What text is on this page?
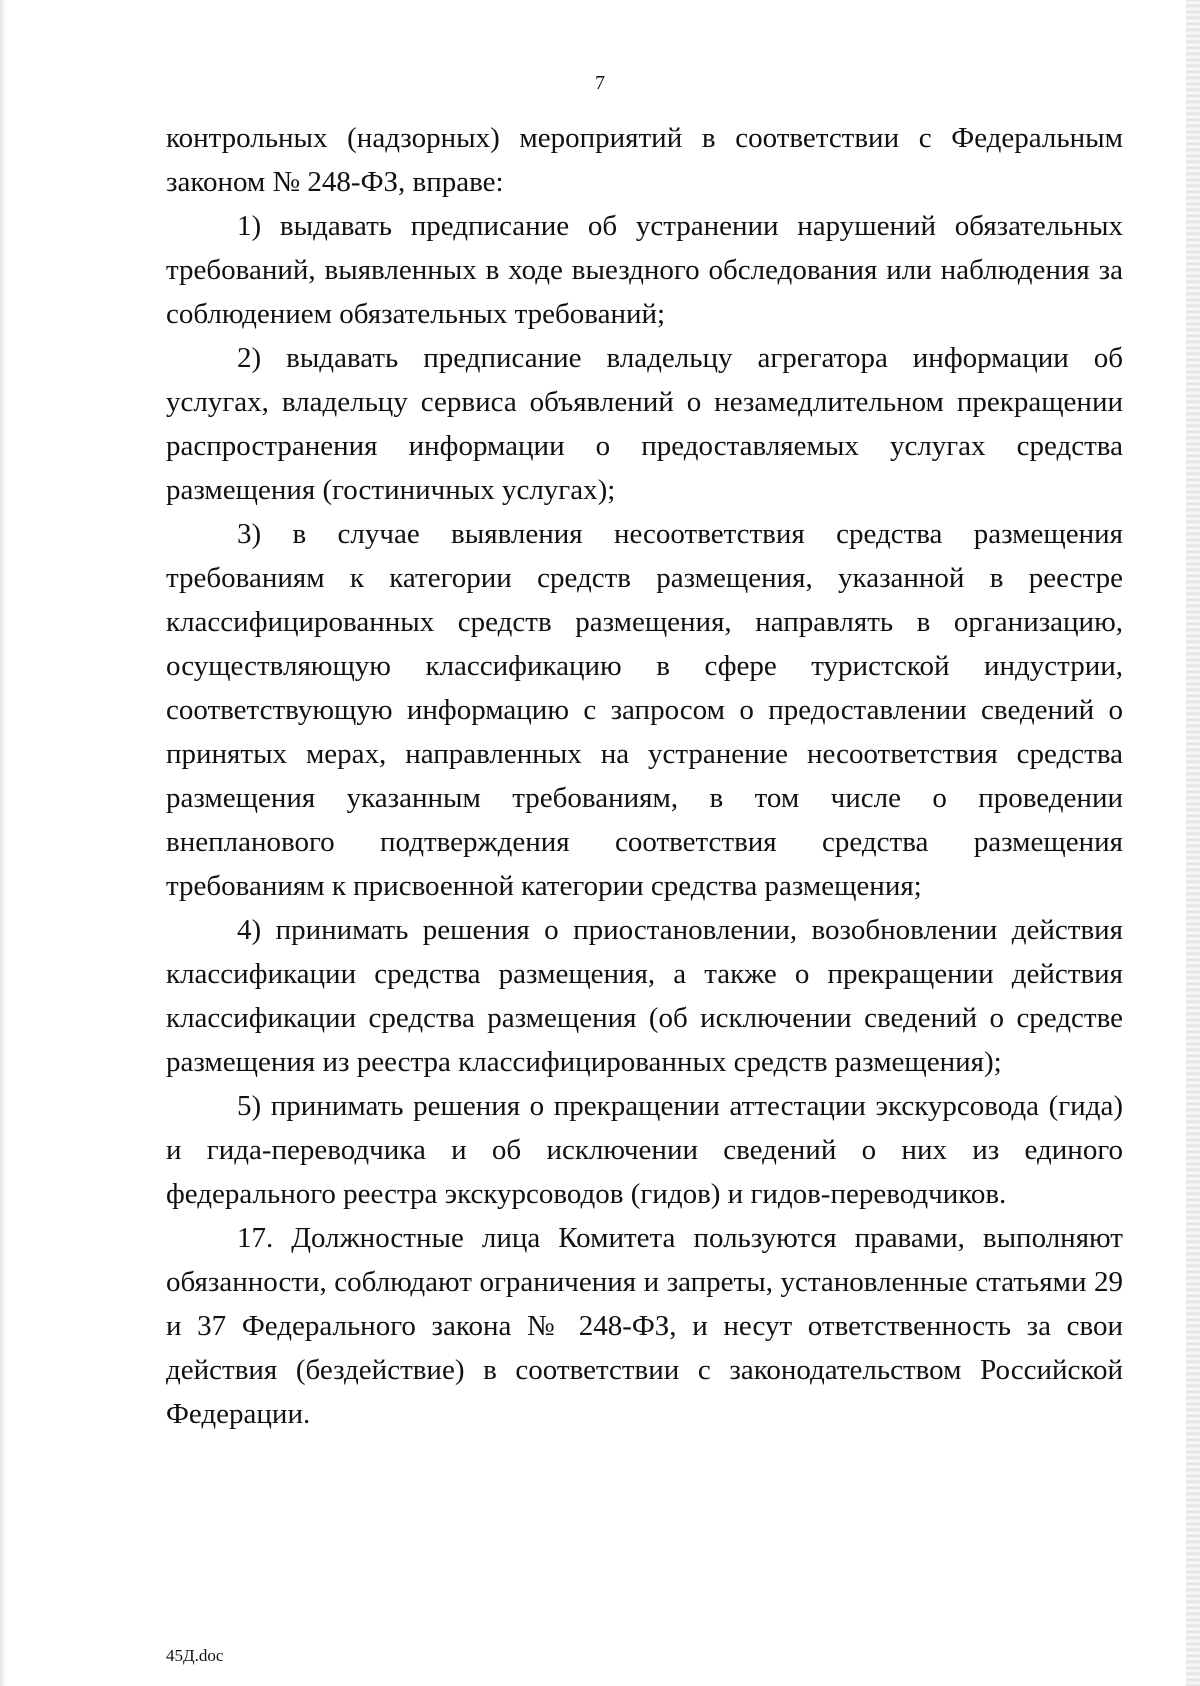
7

контрольных (надзорных) мероприятий в соответствии с Федеральным законом № 248-ФЗ, вправе:

1) выдавать предписание об устранении нарушений обязательных требований, выявленных в ходе выездного обследования или наблюдения за соблюдением обязательных требований;

2) выдавать предписание владельцу агрегатора информации об услугах, владельцу сервиса объявлений о незамедлительном прекращении распространения информации о предоставляемых услугах средства размещения (гостиничных услугах);

3) в случае выявления несоответствия средства размещения требованиям к категории средств размещения, указанной в реестре классифицированных средств размещения, направлять в организацию, осуществляющую классификацию в сфере туристской индустрии, соответствующую информацию с запросом о предоставлении сведений о принятых мерах, направленных на устранение несоответствия средства размещения указанным требованиям, в том числе о проведении внепланового подтверждения соответствия средства размещения требованиям к присвоенной категории средства размещения;

4) принимать решения о приостановлении, возобновлении действия классификации средства размещения, а также о прекращении действия классификации средства размещения (об исключении сведений о средстве размещения из реестра классифицированных средств размещения);

5) принимать решения о прекращении аттестации экскурсовода (гида) и гида-переводчика и об исключении сведений о них из единого федерального реестра экскурсоводов (гидов) и гидов-переводчиков.

17. Должностные лица Комитета пользуются правами, выполняют обязанности, соблюдают ограничения и запреты, установленные статьями 29 и 37 Федерального закона № 248-ФЗ, и несут ответственность за свои действия (бездействие) в соответствии с законодательством Российской Федерации.

45Д.doc
